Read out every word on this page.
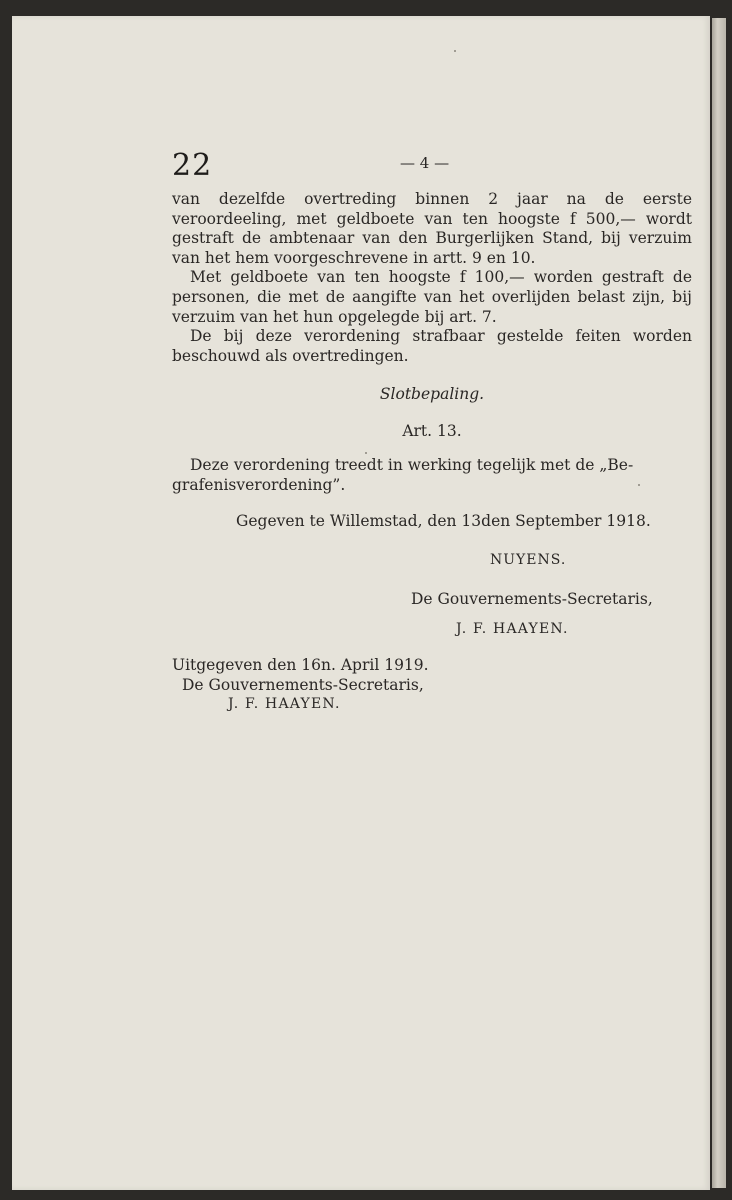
22	— 4 —

van dezelfde overtreding binnen 2 jaar na de eerste veroordeeling, met geldboete van ten hoogste f 500,— wordt gestraft de ambtenaar van den Burgerlijken Stand, bij verzuim van het hem voorgeschrevene in artt. 9 en 10.

Met geldboete van ten hoogste f 100,— worden gestraft de personen, die met de aangifte van het overlijden belast zijn, bij verzuim van het hun opgelegde bij art. 7.

De bij deze verordening strafbaar gestelde feiten worden beschouwd als overtredingen.

Slotbepaling.
Art. 13.
Deze verordening treedt in werking tegelijk met de „Be-
grafenisverordening”.
Gegeven te Willemstad, den 13den September 1918.
NUYENS.
De Gouvernements-Secretaris,
J. F. HAAYEN.
Uitgegeven den 16n. April 1919.
De Gouvernements-Secretaris,
J. F. HAAYEN.
